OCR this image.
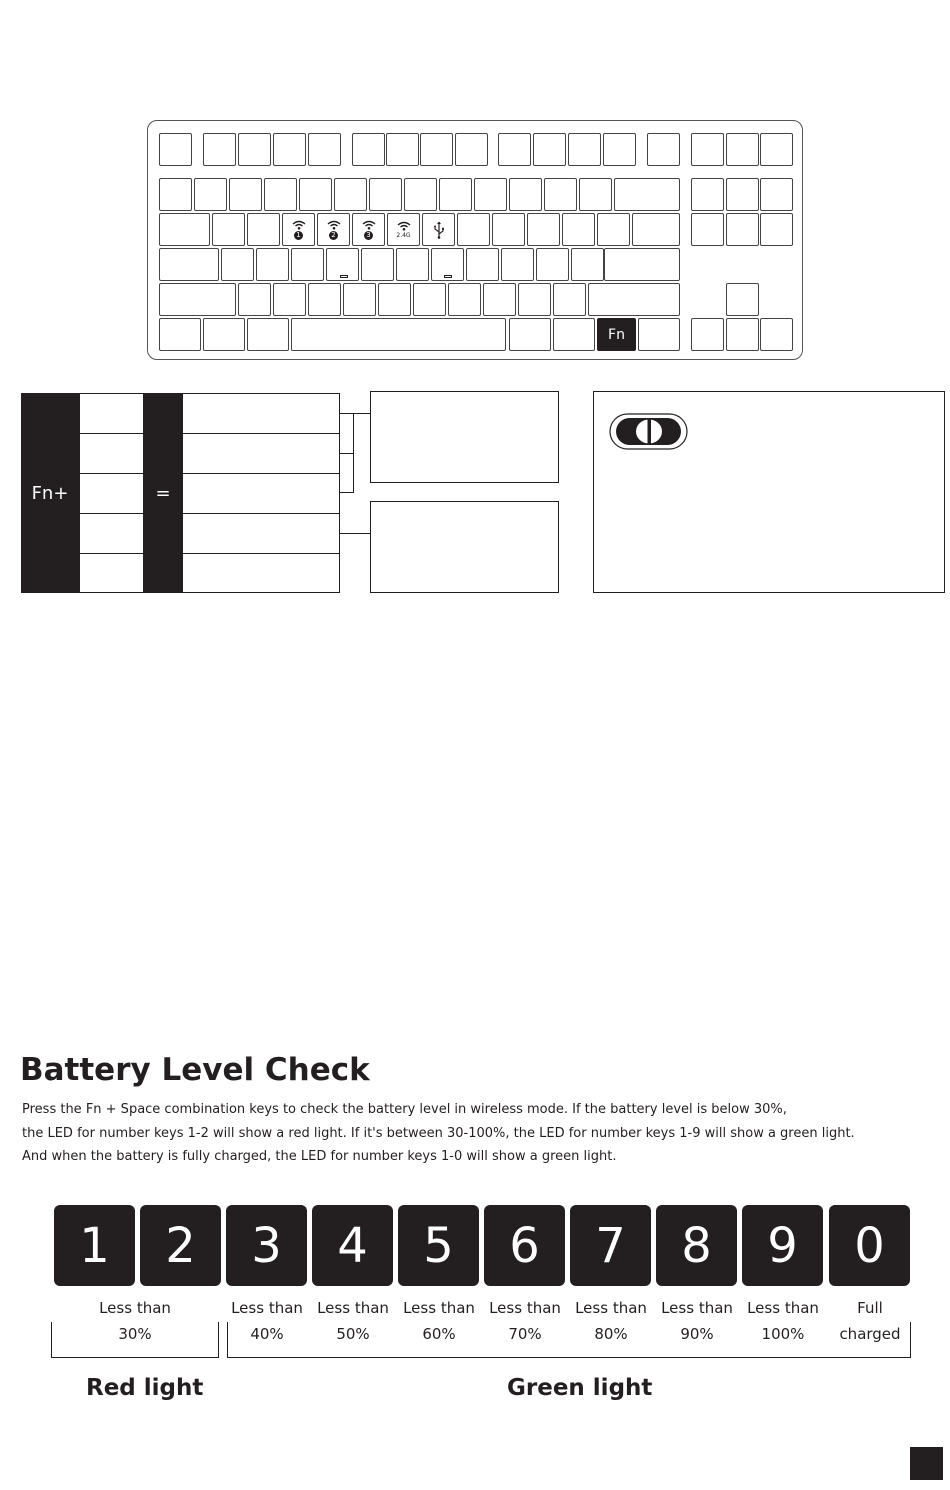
1	2	3	2.4G
Fn
Fn+	=
Battery Level Check
Press the Fn + Space combination keys to check the battery level in wireless mode. If the battery level is below 30%,
the LED for number keys 1-2 will show a red light. If it's between 30-100%, the LED for number keys 1-9 will show a green light.
And when the battery is fully charged, the LED for number keys 1-0 will show a green light.
1	2	3	4	5	6	7	8	9	0
Less than
30%
Less than
40%
Less than
50%
Less than
60%
Less than
70%
Less than
80%
Less than
90%
Less than
100%
Full
charged
Red light	Green light
